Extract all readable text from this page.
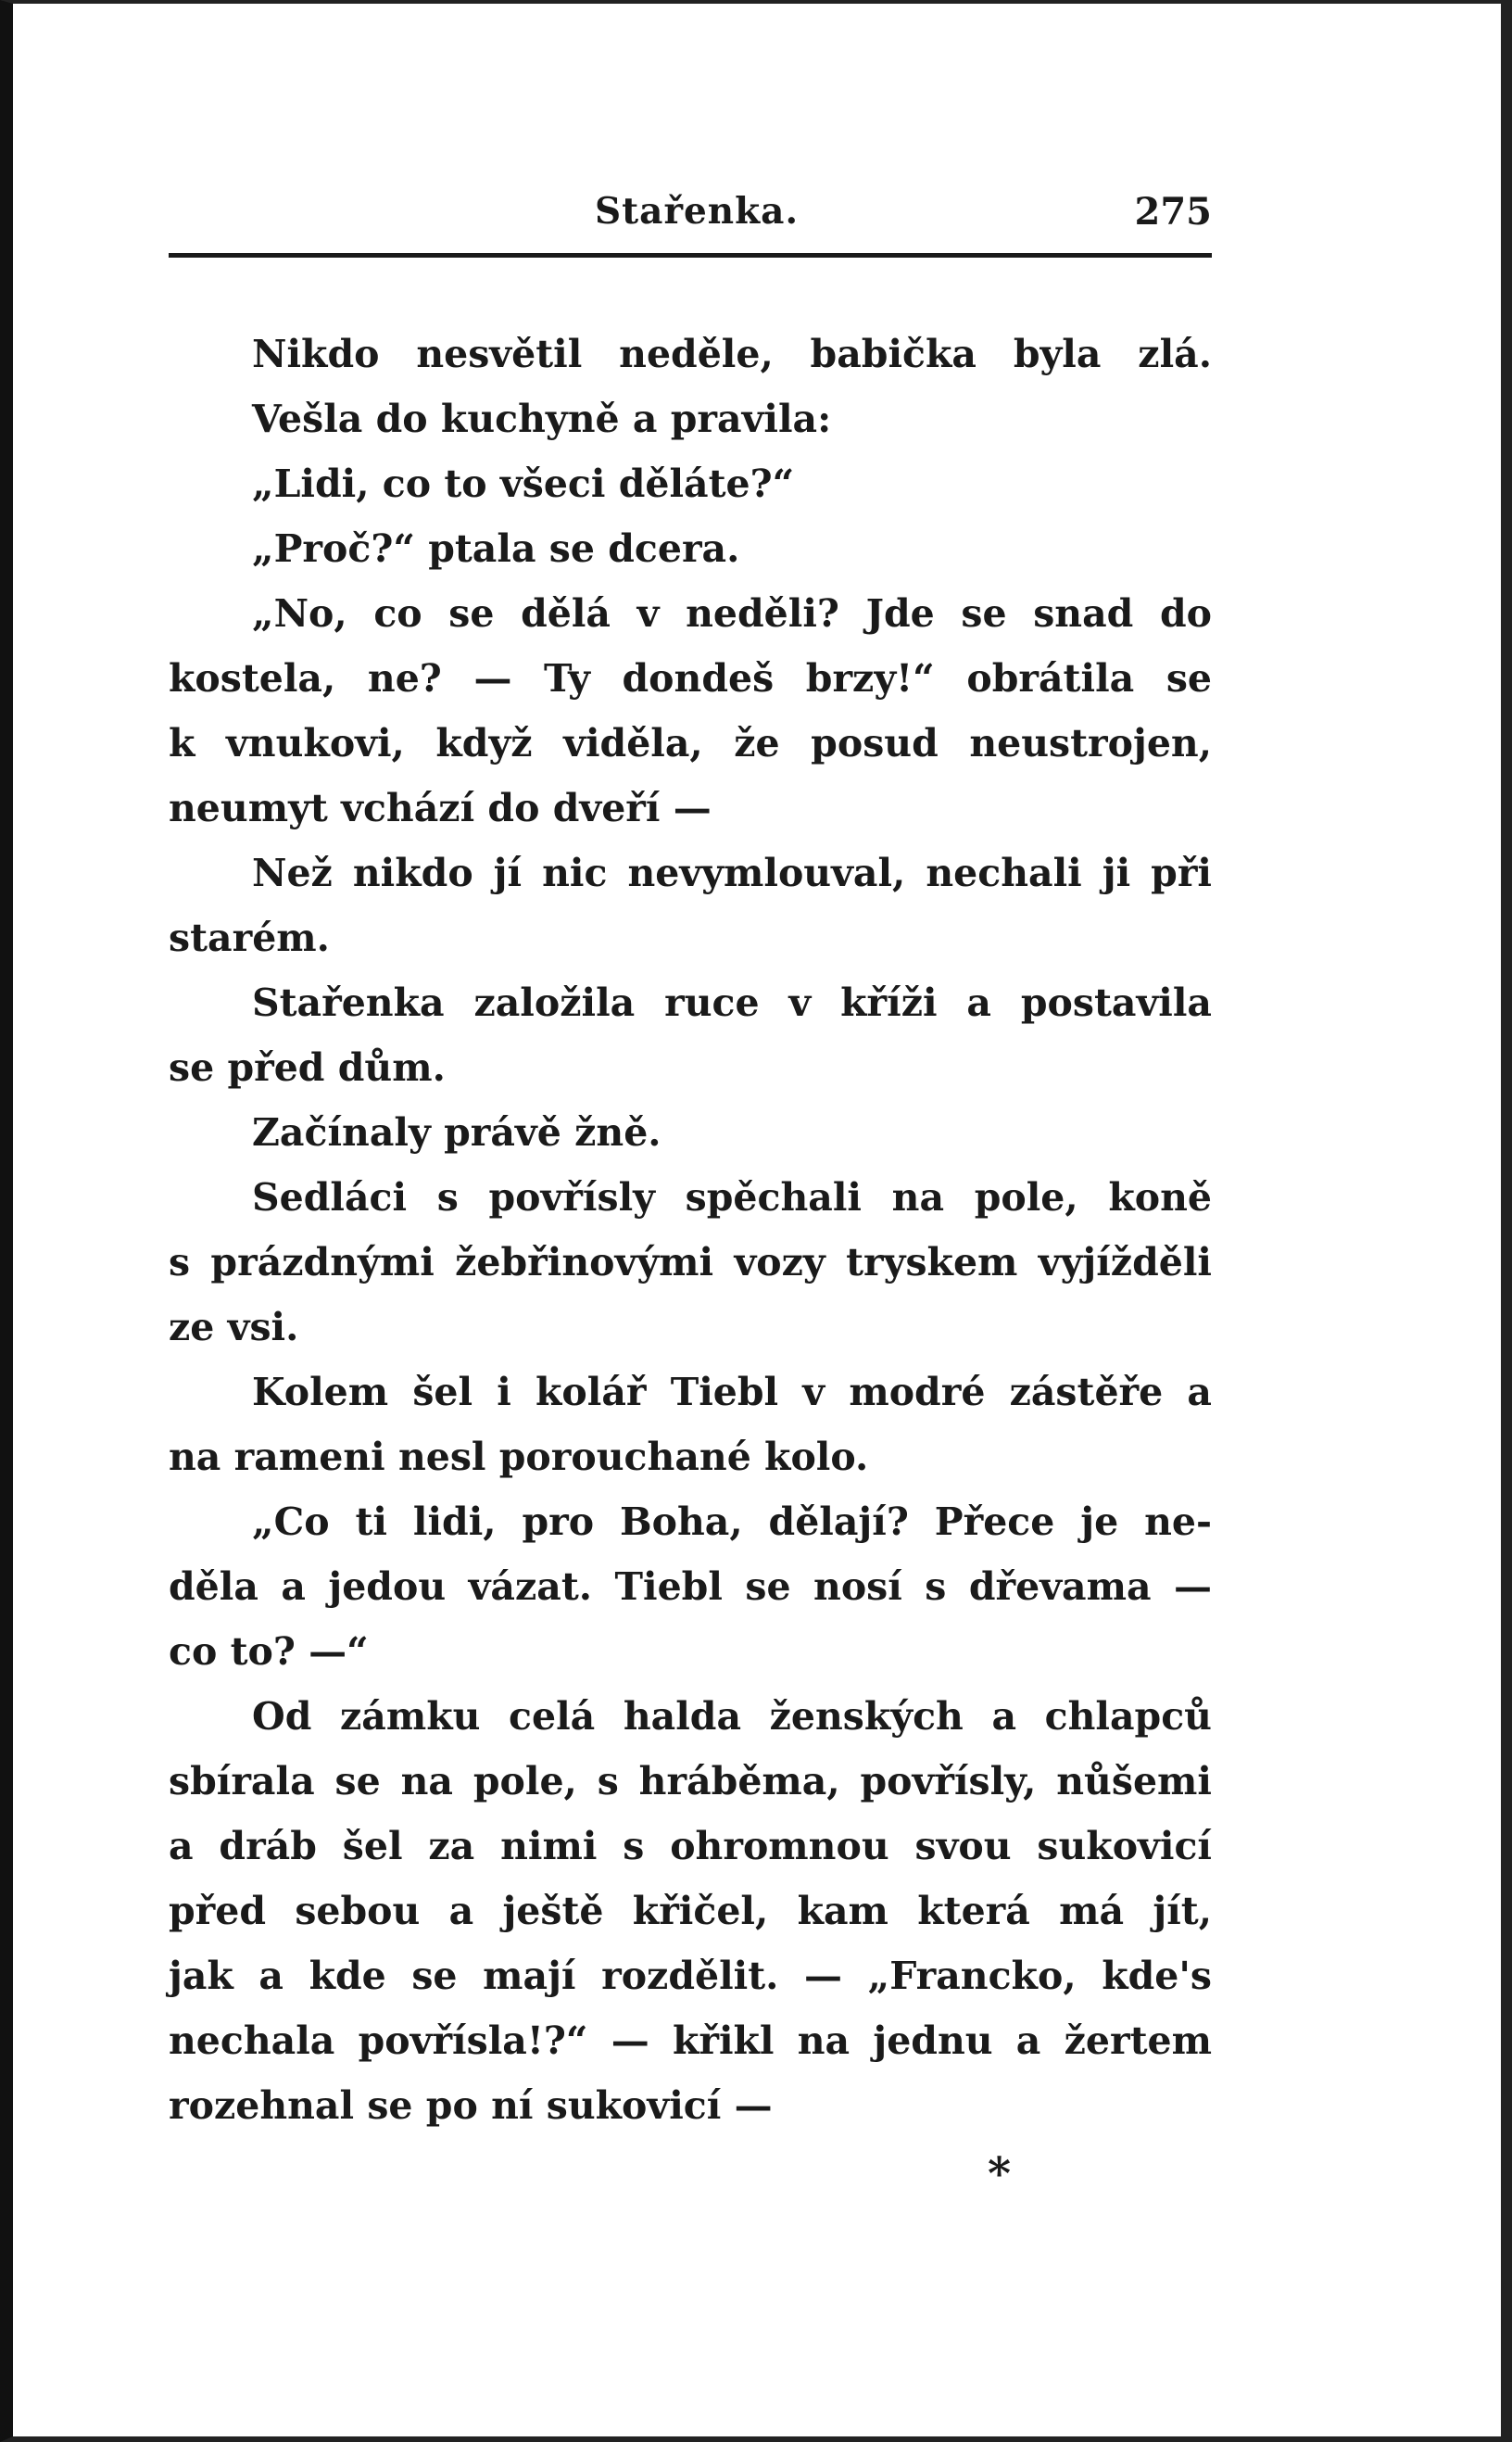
Stařenka.	275
Nikdo nesvětil neděle, babička byla zlá.
Vešla do kuchyně a pravila:
„Lidi, co to všeci děláte?“
„Proč?“ ptala se dcera.
„No, co se dělá v neděli? Jde se snad do
kostela, ne? — Ty dondeš brzy!“ obrátila se
k vnukovi, když viděla, že posud neustrojen,
neumyt vchází do dveří —
Než nikdo jí nic nevymlouval, nechali ji při
starém.
Stařenka založila ruce v kříži a postavila
se před dům.
Začínaly právě žně.
Sedláci s povřísly spěchali na pole, koně
s prázdnými žebřinovými vozy tryskem vyjížděli
ze vsi.
Kolem šel i kolář Tiebl v modré zástěře a
na rameni nesl porouchané kolo.
„Co ti lidi, pro Boha, dělají? Přece je ne-
děla a jedou vázat. Tiebl se nosí s dřevama —
co to? —“
Od zámku celá halda ženských a chlapců
sbírala se na pole, s hráběma, povřísly, nůšemi
a dráb šel za nimi s ohromnou svou sukovicí
před sebou a ještě křičel, kam která má jít,
jak a kde se mají rozdělit. — „Francko, kde's
nechala povřísla!?“ — křikl na jednu a žertem
rozehnal se po ní sukovicí —
*
